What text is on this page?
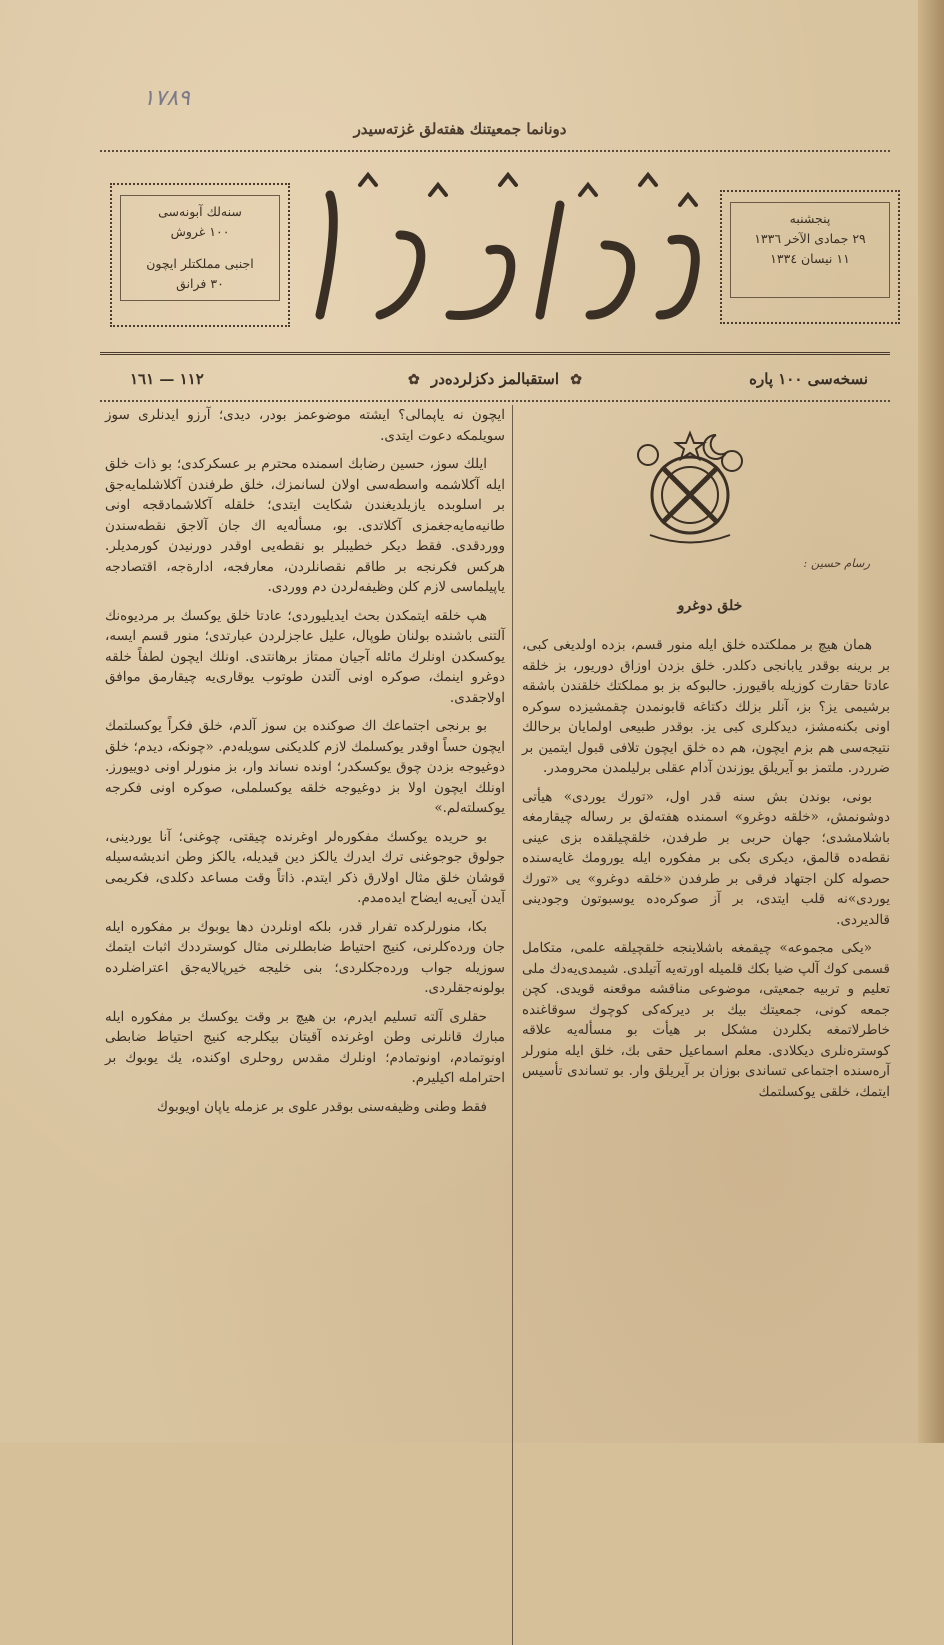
١٧٨٩
دونانما جمعیتنك هفته‌لق غزته‌سیدر
سنه‌لك آبونه‌سی
١٠٠ غروش
اجنبی مملکتلر ایچون
٣٠ فرانق
دونانما
پنجشنبه
٢٩ جمادی الآخر ١٣٣٦
١١ نیسان ١٣٣٤
نسخه‌سی ١٠٠ پاره
✿ استقبالمز دکزلرده‌در ✿
١١٢ — ١٦١

ایچون نه یاپمالی؟ ایشته موضوعمز بودر، دیدی؛ آرزو ایدنلری سوز سویلمکه دعوت ایتدی.

ایلك سوز، حسین رضابك اسمنده محترم بر عسکرکدی؛ بو ذات خلق ایله آکلاشمه واسطه‌سی اولان لسانمزك، خلق طرفندن آکلاشلمایه‌جق بر اسلوبده یازیلدیغندن شکایت ایتدی؛ خلقله آکلاشمادقجه اونی طانیه‌مایه‌جغمزی آکلاتدی. بو، مسأله‌یه اك جان آلاجق نقطه‌سندن ووردقدی. فقط دیکر خطیبلر بو نقطه‌یی اوقدر دورنیدن کورمدیلر. هرکس فکرنجه بر طاقم نقصانلردن، معارفجه، ادارةجه، اقتصادجه یاپیلماسی لازم کلن وظیفه‌لردن دم ووردی.

هپ خلقه ایتمکدن بحث ایدیلیوردی؛ عادتا خلق یوکسك بر مردیوه‌نك آلتنی باشنده بولنان طوپال، علیل عاجزلردن عبارتدی؛ منور قسم ایسه، یوکسکدن اونلرك مائله آجیان ممتاز برهانتدی. اونلك ایچون لطفاً خلقه دوغرو اینمك، صوکره اونی آلتدن طوتوب یوقاری‌یه چیقارمق موافق اولاجقدی.

بو برنجی اجتماعك اك صوکنده بن سوز آلدم، خلق فکراً یوکسلتمك ایچون حساً اوقدر یوکسلمك لازم کلدیکنی سویله‌دم. «چونکه، دیدم؛ خلق دوغیوجه بزدن چوق یوکسکدر؛ اونده نساند وار، بز منورلر اونی دوییورز. اونلك ایچون اولا بز دوغیوجه خلقه یوکسلملی، صوکره اونی فکرجه یوکسلته‌لم.»

بو حریده یوکسك مفکوره‌لر اوغرنده چیقتی، چوغنی؛ آنا یوردینی، جولوق جوجوغنی ترك ایدرك یالکز دین قیدیله، یالکز وطن اندیشه‌سیله قوشان خلق مثال اولارق ذکر ایتدم. ذاتاً وقت مساعد دکلدی، فکریمی آیدن آیی‌یه ایضاح ایده‌مدم.

بکا، منورلرکده تفرار قدر، بلکه اونلردن دها یوبوك بر مفکوره ایله جان ورده‌کلرنی، کنیج احتیاط ضابطلرنی مثال کوسترددك اثبات ایتمك سوزیله جواب ورده‌جکلردی؛ بنی خلیجه خیرپالایه‌جق اعتراضلرده بولونه‌جقلردی.

حقلری آلته تسلیم ایدرم، بن هیچ بر وقت یوکسك بر مفکوره ایله مبارك قانلرنی وطن اوغرنده آقیتان بیکلرجه کنیج احتیاط ضابطی اونوتمادم، اونوتمادم؛ اونلرك مقدس روحلری اوکنده، یك یوبوك بر احترامله اکیلیرم.

فقط وطنی وظیفه‌سنی بوقدر علوی بر عزمله یاپان اویوبوك

رسام حسین :
خلق دوغرو

همان هیچ بر مملکتده خلق ایله منور قسم، بزده اولدیغی کبی، بر برینه بوقدر یابانجی دکلدر. خلق بزدن اوزاق دوریور، بز خلقه عادتا حقارت کوزیله باقیورز. حالبوکه بز بو مملکتك خلقندن باشقه برشیمی یز؟ بز، آنلر بزلك دکتاغه قابونمدن چقمشیزده سوکره اونی بکنه‌مشز، دیدکلری کبی یز. بوقدر طبیعی اولمایان برحالك نتیجه‌سی هم بزم ایچون، هم ده خلق ایچون تلافی قبول ایتمین بر ضرردر. ملتمز بو آیریلق یوزندن آدام عقلی برلیلمدن محرومدر.

بونی، بوندن بش سنه قدر اول، «تورك یوردی» هیأتی دوشونمش، «خلقه دوغرو» اسمنده هفته‌لق بر رساله چیقارمغه باشلامشدی؛ جهان حربی بر طرفدن، خلقچیلقده بزی عینی نقطه‌ده قالمق، دیکری بکی بر مفکوره ایله یورومك غایه‌سنده حصوله کلن اجتهاد فرقی بر طرفدن «خلقه دوغرو» یی «تورك یوردی»نه قلب ایتدی، بر آز صوکره‌ده یوسبوتون وجودینی قالدیردی.

«یکی مجموعه» چیقمغه باشلاینجه خلقچیلقه علمی، متکامل قسمی کوك آلپ ضیا بکك قلمیله اورته‌یه آتیلدی. شیمدی‌یه‌دك ملی تعلیم و تربیه جمعیتی، موضوعی مناقشه موقعنه قویدی. کچن جمعه کونی، جمعیتك بیك بر دیرکه‌کی کوچوك سوقاغنده خاطرلاتمغه بکلردن مشکل بر هیأت بو مسأله‌یه علاقه کوستره‌نلری دیکلادی. معلم اسماعیل حقی بك، خلق ایله منورلر آره‌سنده اجتماعی تساندی بوزان بر آیریلق وار. بو تساندی تأسیس ایتمك، خلقی یوکسلتمك
